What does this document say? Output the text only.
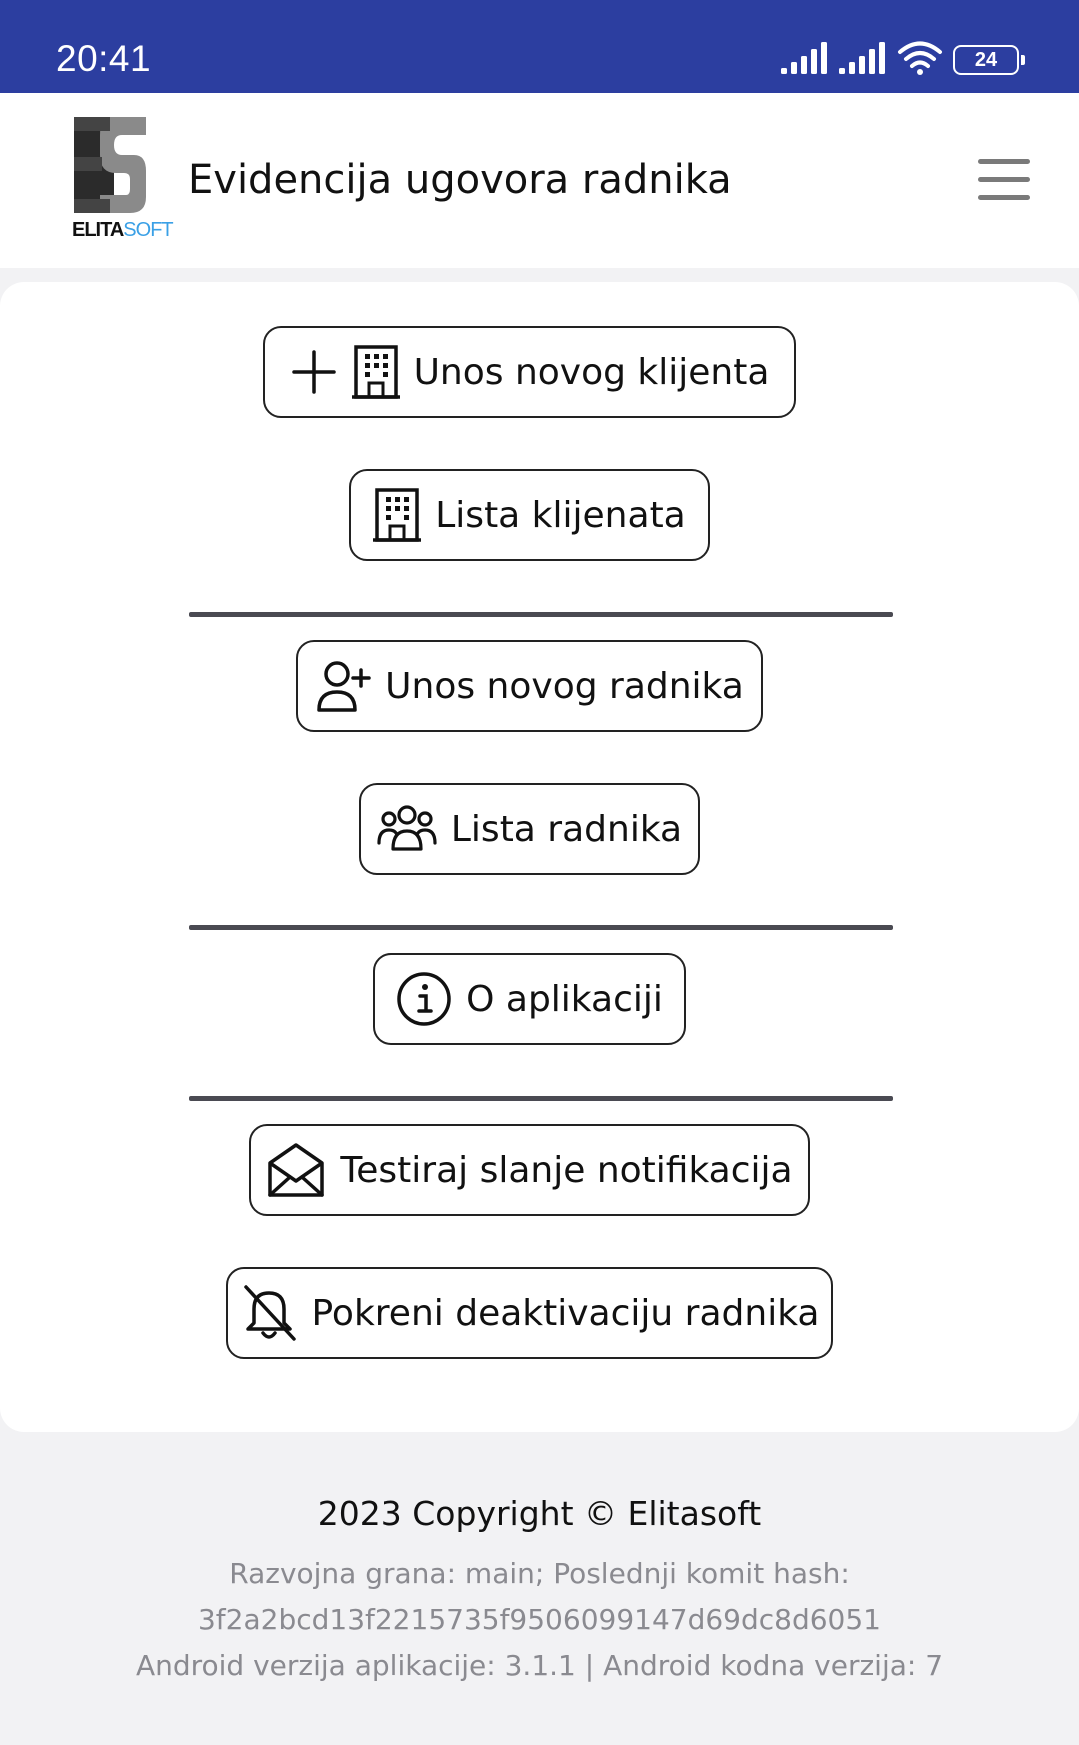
20:41	24
ELITASOFT
Evidencija ugovora radnika
Unos novog klijenta
Lista klijenata
Unos novog radnika
Lista radnika
O aplikaciji
Testiraj slanje notifikacija
Pokreni deaktivaciju radnika
2023 Copyright © Elitasoft
Razvojna grana: main; Poslednji komit hash:
3f2a2bcd13f2215735f9506099147d69dc8d6051
Android verzija aplikacije: 3.1.1 | Android kodna verzija: 7
